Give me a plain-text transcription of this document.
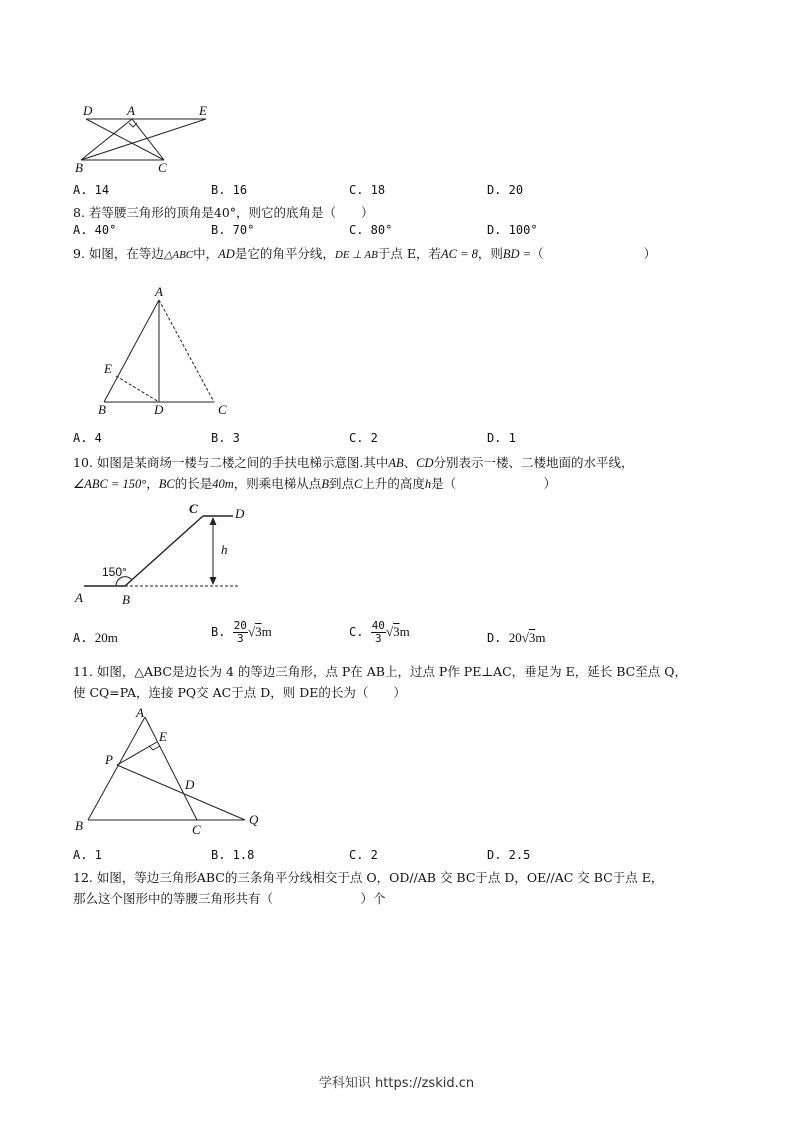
D	A	E
B	C
A. 14	B. 16	C. 18	D. 20
8. 若等腰三角形的顶角是40°，则它的底角是（　　）
A. 40°	B. 70°	C. 80°	D. 100°
9. 如图，在等边△ABC中，AD是它的角平分线，DE ⊥ AB于点 E，若AC = 8，则BD =（　　　　　　　　）
A
E
B	D	C
A. 4	B. 3	C. 2	D. 1
10. 如图是某商场一楼与二楼之间的手扶电梯示意图.其中AB、CD分别表示一楼、二楼地面的水平线，
∠ABC = 150°，BC的长是40m，则乘电梯从点B到点C上升的高度h是（　　　　　　　）
C	D
h
150°
A	B
A. 20m	B. $\frac{20}{3} √3m$	C. $\frac{40}{3} √3m$	D. 20√3m
11. 如图，△ABC是边长为 4 的等边三角形，点 P在 AB上，过点 P作 PE⊥AC，垂足为 E，延长 BC至点 Q，
使 CQ=PA，连接 PQ交 AC于点 D，则 DE的长为（　　）
A
E
P
D
B	C
Q
A. 1	B. 1.8	C. 2	D. 2.5
12. 如图，等边三角形ABC的三条角平分线相交于点 O，OD//AB 交 BC于点 D，OE//AC 交 BC于点 E，
那么这个图形中的等腰三角形共有（　　　　　　　）个
学科知识 https://zskid.cn
